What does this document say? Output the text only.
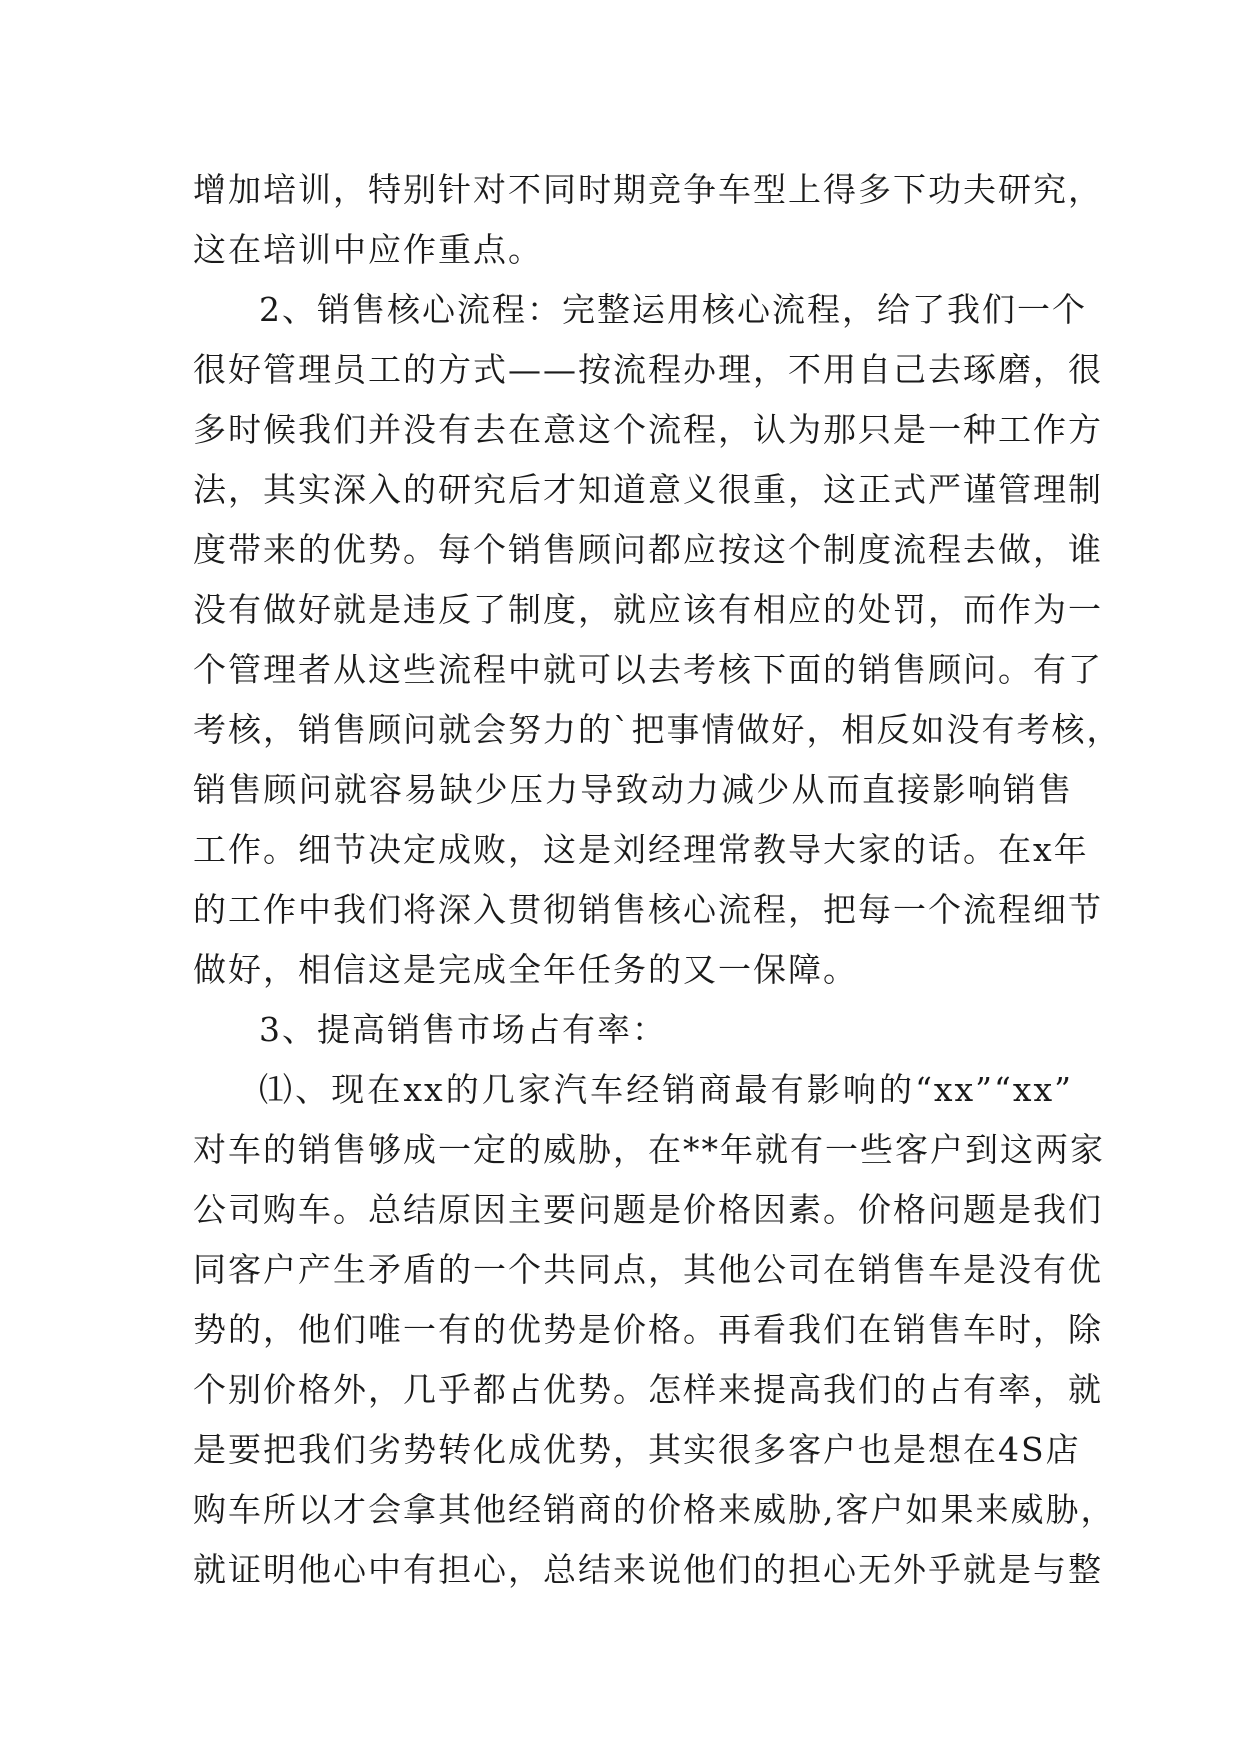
增加培训，特别针对不同时期竞争车型上得多下功夫研究，
这在培训中应作重点。
2、销售核心流程：完整运用核心流程，给了我们一个
很好管理员工的方式——按流程办理，不用自己去琢磨，很
多时候我们并没有去在意这个流程，认为那只是一种工作方
法，其实深入的研究后才知道意义很重，这正式严谨管理制
度带来的优势。每个销售顾问都应按这个制度流程去做，谁
没有做好就是违反了制度，就应该有相应的处罚，而作为一
个管理者从这些流程中就可以去考核下面的销售顾问。有了
考核，销售顾问就会努力的`把事情做好，相反如没有考核，
销售顾问就容易缺少压力导致动力减少从而直接影响销售
工作。细节决定成败，这是刘经理常教导大家的话。在x年
的工作中我们将深入贯彻销售核心流程，把每一个流程细节
做好，相信这是完成全年任务的又一保障。
3、提高销售市场占有率：
⑴、现在xx的几家汽车经销商最有影响的“xx”“xx”
对车的销售够成一定的威胁，在**年就有一些客户到这两家
公司购车。总结原因主要问题是价格因素。价格问题是我们
同客户产生矛盾的一个共同点，其他公司在销售车是没有优
势的，他们唯一有的优势是价格。再看我们在销售车时，除
个别价格外，几乎都占优势。怎样来提高我们的占有率，就
是要把我们劣势转化成优势，其实很多客户也是想在4S店
购车所以才会拿其他经销商的价格来威胁,客户如果来威胁，
就证明他心中有担心，总结来说他们的担心无外乎就是与整
